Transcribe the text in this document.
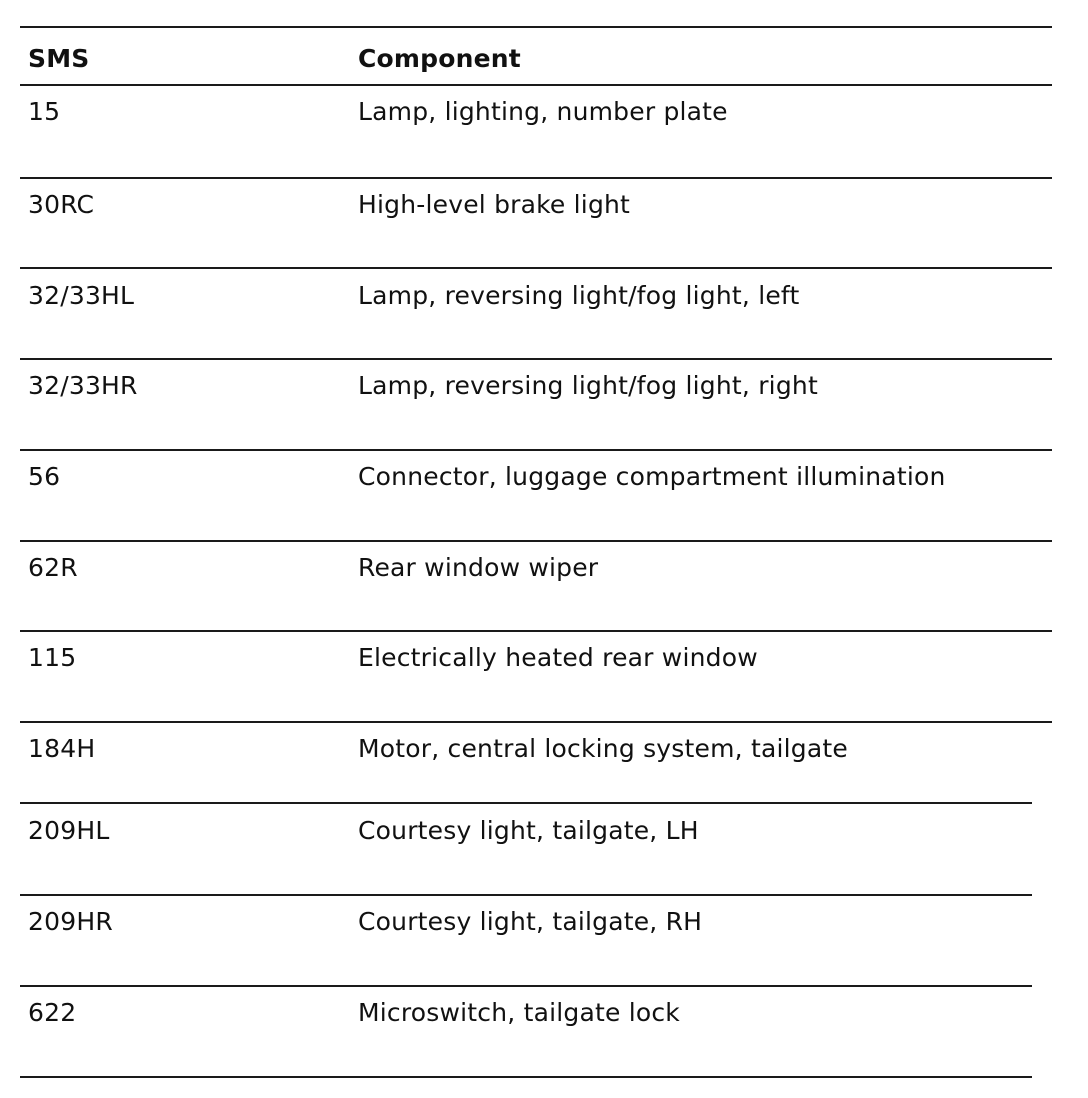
SMS	Component
15	Lamp, lighting, number plate
30RC	High-level brake light
32/33HL	Lamp, reversing light/fog light, left
32/33HR	Lamp, reversing light/fog light, right
56	Connector, luggage compartment illumination
62R	Rear window wiper
115	Electrically heated rear window
184H	Motor, central locking system, tailgate
209HL	Courtesy light, tailgate, LH
209HR	Courtesy light, tailgate, RH
622	Microswitch, tailgate lock
